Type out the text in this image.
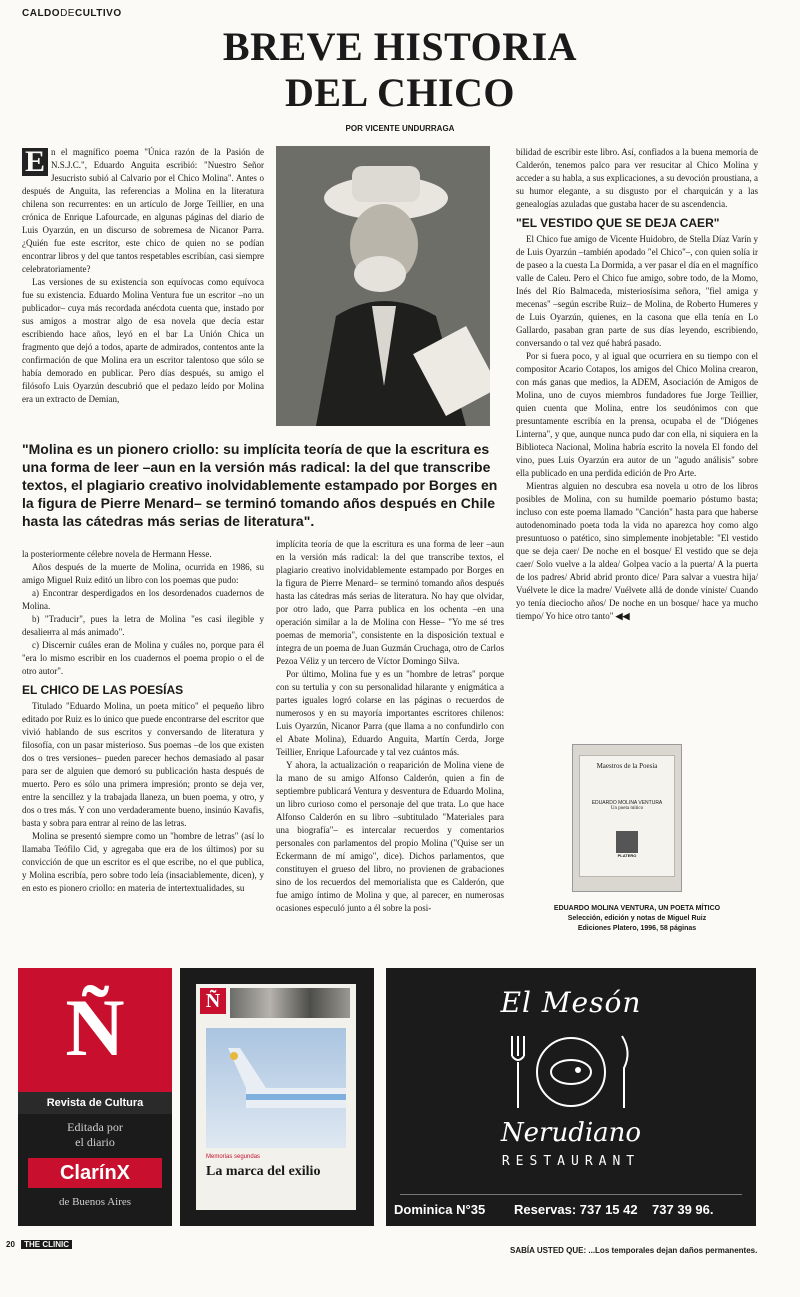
CALDODECULTIVO
BREVE HISTORIA
DEL CHICO
POR VICENTE UNDURRAGA

E n el magnífico poema "Única razón de la Pasión de N.S.J.C.", Eduardo Anguita escribió: "Nuestro Señor Jesucristo subió al Calvario por el Chico Molina". Antes o después de Anguita, las referencias a Molina en la literatura chilena son recurrentes: en un artículo de Jorge Teillier, en una crónica de Enrique Lafourcade, en algunas páginas del diario de Luis Oyarzún, en un discurso de sobremesa de Nicanor Parra. ¿Quién fue este escritor, este chico de quien no se podían encontrar libros y del que tantos respetables escribían, casi siempre celebratoriamente?

Las versiones de su existencia son equívocas como equívoca fue su existencia. Eduardo Molina Ventura fue un escritor –no un publicador– cuya más recordada anécdota cuenta que, instado por sus amigos a mostrar algo de esa novela que decía estar escribiendo hace años, leyó en el bar La Unión Chica un fragmento que dejó a todos, aparte de admirados, contentos ante la confirmación de que Molina era un escritor talentoso que sólo se había demorado en publicar. Pero días después, su amigo el filósofo Luis Oyarzún descubrió que el pedazo leído por Molina era un extracto de Demian,

"Molina es un pionero criollo: su implícita teoría de que la escritura es una forma de leer –aun en la versión más radical: la del que transcribe textos, el plagiario creativo inolvidablemente estampado por Borges en la figura de Pierre Menard– se terminó tomando años después en Chile hasta las cátedras más serias de literatura".

la posteriormente célebre novela de Hermann Hesse.

Años después de la muerte de Molina, ocurrida en 1986, su amigo Miguel Ruiz editó un libro con los poemas que pudo:

a) Encontrar desperdigados en los desordenados cuadernos de Molina.

b) "Traducir", pues la letra de Molina "es casi ilegible y desaliента al más animado".

c) Discernir cuáles eran de Molina y cuáles no, porque para él "era lo mismo escribir en los cuadernos el poema propio o el de otro autor".

EL CHICO DE LAS POESÍAS

Titulado "Eduardo Molina, un poeta mítico" el pequeño libro editado por Ruiz es lo único que puede encontrarse del escritor que vivió hablando de sus escritos y conversando de literatura y filosofía, con un pasar misterioso. Sus poemas –de los que existen dos o tres versiones– pueden parecer hechos demasiado al pasar para ser de alguien que demoró su publicación hasta después de muerto. Pero es sólo una primera impresión; pronto se deja ver, entre la sencillez y la trabajada llaneza, un buen poema, y otro, y dos o tres más. Y con uno verdaderamente bueno, insinúo Kavafis, basta y sobra para entrar al reino de las letras.

Molina se presentó siempre como un "hombre de letras" (así lo llamaba Teófilo Cid, y agregaba que era de los últimos) por su convicción de que un escritor es el que escribe, no el que publica, y Molina escribía, pero sobre todo leía (insaciablemente, dicen), y en esto es pionero criollo: en materia de intertextualidades, su

implícita teoría de que la escritura es una forma de leer –aun en la versión más radical: la del que transcribe textos, el plagiario creativo inolvidablemente estampado por Borges en la figura de Pierre Menard– se terminó tomando años después hasta las cátedras más serias de literatura. No hay que olvidar, por otro lado, que Parra publica en los ochenta –en una operación similar a la de Molina con Hesse– "Yo me sé tres poemas de memoria", consistente en la disposición textual e íntegra de un poema de Juan Guzmán Cruchaga, otro de Carlos Pezoa Véliz y un tercero de Víctor Domingo Silva.

Por último, Molina fue y es un "hombre de letras" porque con su tertulia y con su personalidad hilarante y enigmática a partes iguales logró colarse en las páginas o recuerdos de numerosos y en su mayoría importantes escritores chilenos: Luis Oyarzún, Nicanor Parra (que llama a no confundirlo con el Abate Molina), Eduardo Anguita, Martín Cerda, Jorge Teillier, Enrique Lafourcade y tal vez cuántos más.

Y ahora, la actualización o reaparición de Molina viene de la mano de su amigo Alfonso Calderón, quien a fin de septiembre publicará Ventura y desventura de Eduardo Molina, un libro curioso como el personaje del que trata. Lo que hace Alfonso Calderón en su libro –subtitulado "Materiales para una biografía"– es intercalar recuerdos y comentarios personales con parlamentos del propio Molina ("Quise ser un Eckermann de mí amigo", dice). Dichos parlamentos, que constituyen el grueso del libro, no provienen de grabaciones sino de los recuerdos del memorialista que es Calderón, que fue amigo íntimo de Molina y que, al parecer, en numerosas ocasiones especuló junto a él sobre la posi-

bilidad de escribir este libro. Así, confiados a la buena memoria de Calderón, tenemos palco para ver resucitar al Chico Molina y acceder a su habla, a sus explicaciones, a su devoción proustiana, a su humor elegante, a su disgusto por el charquicán y a las genealogías azuladas que gustaba hacer de su ascendencia.

"EL VESTIDO QUE SE DEJA CAER"

El Chico fue amigo de Vicente Huidobro, de Stella Díaz Varín y de Luis Oyarzún –también apodado "el Chico"–, con quien solía ir de paseo a la cuesta La Dormida, a ver pasar el día en el magnífico valle de Caleu. Pero el Chico fue amigo, sobre todo, de la Momo, Inés del Río Balmaceda, misteriosísima señora, "fiel amiga y mecenas" –según escribe Ruiz– de Molina, de Roberto Humeres y de Luis Oyarzún, quienes, en la casona que ella tenía en Lo Gallardo, pasaban gran parte de sus días leyendo, escribiendo, conversando o tal vez qué habrá pasado.

Por si fuera poco, y al igual que ocurriera en su tiempo con el compositor Acario Cotapos, los amigos del Chico Molina crearon, con más ganas que medios, la ADEM, Asociación de Amigos de Molina, uno de cuyos miembros fundadores fue Jorge Teillier, quien cuenta que Molina, entre los seudónimos con que presuntamente escribía en la prensa, ocupaba el de "Diógenes Linterna", y que, aunque nunca pudo dar con ella, ni siquiera en la Biblioteca Nacional, Molina habría escrito la novela El fondo del vino, pues Luis Oyarzún era autor de un "agudo análisis" sobre ella publicado en una perdida edición de Pro Arte.

Mientras alguien no descubra esa novela u otro de los libros posibles de Molina, con su humilde poemario póstumo basta; incluso con este poema llamado "Canción" hasta para que haberse autodenominado poeta toda la vida no aparezca hoy como algo presuntuoso o patético, sino simplemente inobjetable: "El vestido que se deja caer/ De noche en el bosque/ El vestido que se deja caer/ Solo vuelve a la aldea/ Golpea vacío a la puerta/ A la puerta de los padres/ Abrid abrid pronto dice/ Para salvar a vuestra hija/ Vuélvete le dice la madre/ Vuélvete allá de donde viniste/ Cuando yo tenía dieciocho años/ De noche en un bosque/ hace ya mucho tiempo/ Yo hice otro tanto" ◀◀

Maestros de la Poesía
EDUARDO MOLINA VENTURA
Un poeta mítico
PLATERO
EDUARDO MOLINA VENTURA, UN POETA MÍTICO
Selección, edición y notas de Miguel Ruiz
Ediciones Platero, 1996, 58 páginas
Ñ
Revista de Cultura
Editada por
el diario
ClarínX
de Buenos Aires
Ñ
Memorias segundas
La marca del exilio
El Mesón
Nerudiano
RESTAURANT
Dominica N°35 Reservas: 737 15 42    737 39 96.
20 THE CLINIC
SABÍA USTED QUE: ...Los temporales dejan daños permanentes.
